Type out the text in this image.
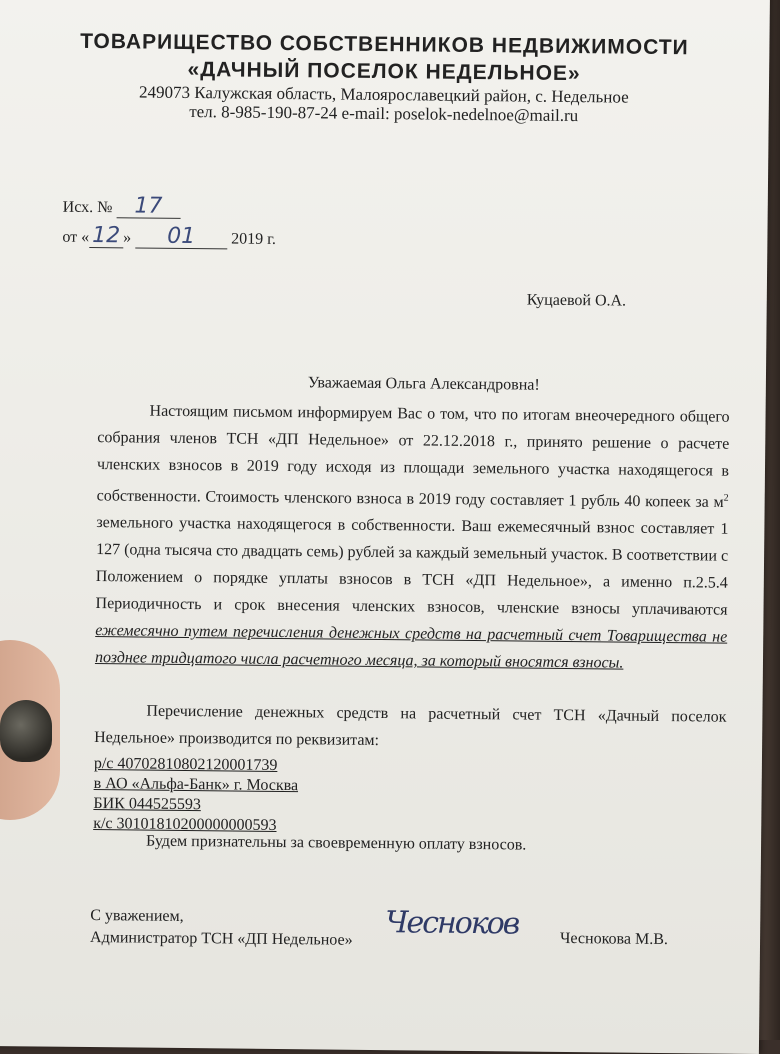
ТОВАРИЩЕСТВО СОБСТВЕННИКОВ НЕДВИЖИМОСТИ
«ДАЧНЫЙ ПОСЕЛОК НЕДЕЛЬНОЕ»
249073 Калужская область, Малоярославецкий район, с. Недельное
тел. 8-985-190-87-24 e-mail: poselok-nedelnoe@mail.ru
Исх. № 17
от « 12 » 01 2019 г.
Куцаевой О.А.
Уважаемая Ольга Александровна!
Настоящим письмом информируем Вас о том, что по итогам внеочередного общего собрания членов ТСН «ДП Недельное» от 22.12.2018 г., принято решение о расчете членских взносов в 2019 году исходя из площади земельного участка находящегося в собственности. Стоимость членского взноса в 2019 году составляет 1 рубль 40 копеек за $м^2$ земельного участка находящегося в собственности. Ваш ежемесячный взнос составляет 1 127 (одна тысяча сто двадцать семь) рублей за каждый земельный участок. В соответствии с Положением о порядке уплаты взносов в ТСН «ДП Недельное», а именно п.2.5.4 Периодичность и срок внесения членских взносов, членские взносы уплачиваются ежемесячно путем перечисления денежных средств на расчетный счет Товарищества не позднее тридцатого числа расчетного месяца, за который вносятся взносы.
Перечисление денежных средств на расчетный счет ТСН «Дачный поселок Недельное» производится по реквизитам:
р/с 40702810802120001739
в АО «Альфа-Банк» г. Москва
БИК 044525593
к/с 30101810200000000593
Будем признательны за своевременную оплату взносов.
С уважением,
Администратор ТСН «ДП Недельное» Чесноков	Чеснокова М.В.
